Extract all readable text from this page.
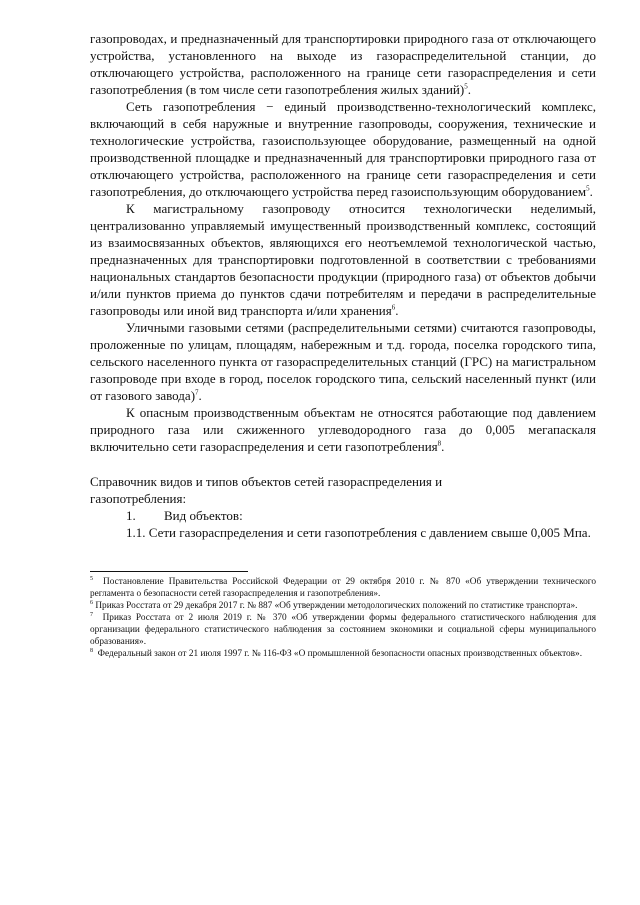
газопроводах, и предназначенный для транспортировки природного газа от отключающего устройства, установленного на выходе из газораспределительной станции, до отключающего устройства, расположенного на границе сети газораспределения и сети газопотребления (в том числе сети газопотребления жилых зданий)$^5$.

Сеть газопотребления − единый производственно-технологический комплекс, включающий в себя наружные и внутренние газопроводы, сооружения, технические и технологические устройства, газоиспользующее оборудование, размещенный на одной производственной площадке и предназначенный для транспортировки природного газа от отключающего устройства, расположенного на границе сети газораспределения и сети газопотребления, до отключающего устройства перед газоиспользующим оборудованием$^5$.

К магистральному газопроводу относится технологически неделимый, централизованно управляемый имущественный производственный комплекс, состоящий из взаимосвязанных объектов, являющихся его неотъемлемой технологической частью, предназначенных для транспортировки подготовленной в соответствии с требованиями национальных стандартов безопасности продукции (природного газа) от объектов добычи и/или пунктов приема до пунктов сдачи потребителям и передачи в распределительные газопроводы или иной вид транспорта и/или хранения$^6$.

Уличными газовыми сетями (распределительными сетями) считаются газопроводы, проложенные по улицам, площадям, набережным и т.д. города, поселка городского типа, сельского населенного пункта от газораспределительных станций (ГРС) на магистральном газопроводе при входе в город, поселок городского типа, сельский населенный пункт (или от газового завода)$^7$.

К опасным производственным объектам не относятся работающие под давлением природного газа или сжиженного углеводородного газа до 0,005 мегапаскаля включительно сети газораспределения и сети газопотребления$^8$.

Справочник видов и типов объектов сетей газораспределения и газопотребления:

1. Вид объектов:

1.1. Сети газораспределения и сети газопотребления с давлением свыше 0,005 Мпа.

$^5$ Постановление Правительства Российской Федерации от 29 октября 2010 г. № 870 «Об утверждении технического регламента о безопасности сетей газораспределения и газопотребления».

$^6$ Приказ Росстата от 29 декабря 2017 г. № 887 «Об утверждении методологических положений по статистике транспорта».

$^7$ Приказ Росстата от 2 июля 2019 г. № 370 «Об утверждении формы федерального статистического наблюдения для организации федерального статистического наблюдения за состоянием экономики и социальной сферы муниципального образования».

$^8$ Федеральный закон от 21 июля 1997 г. № 116-ФЗ «О промышленной безопасности опасных производственных объектов».
